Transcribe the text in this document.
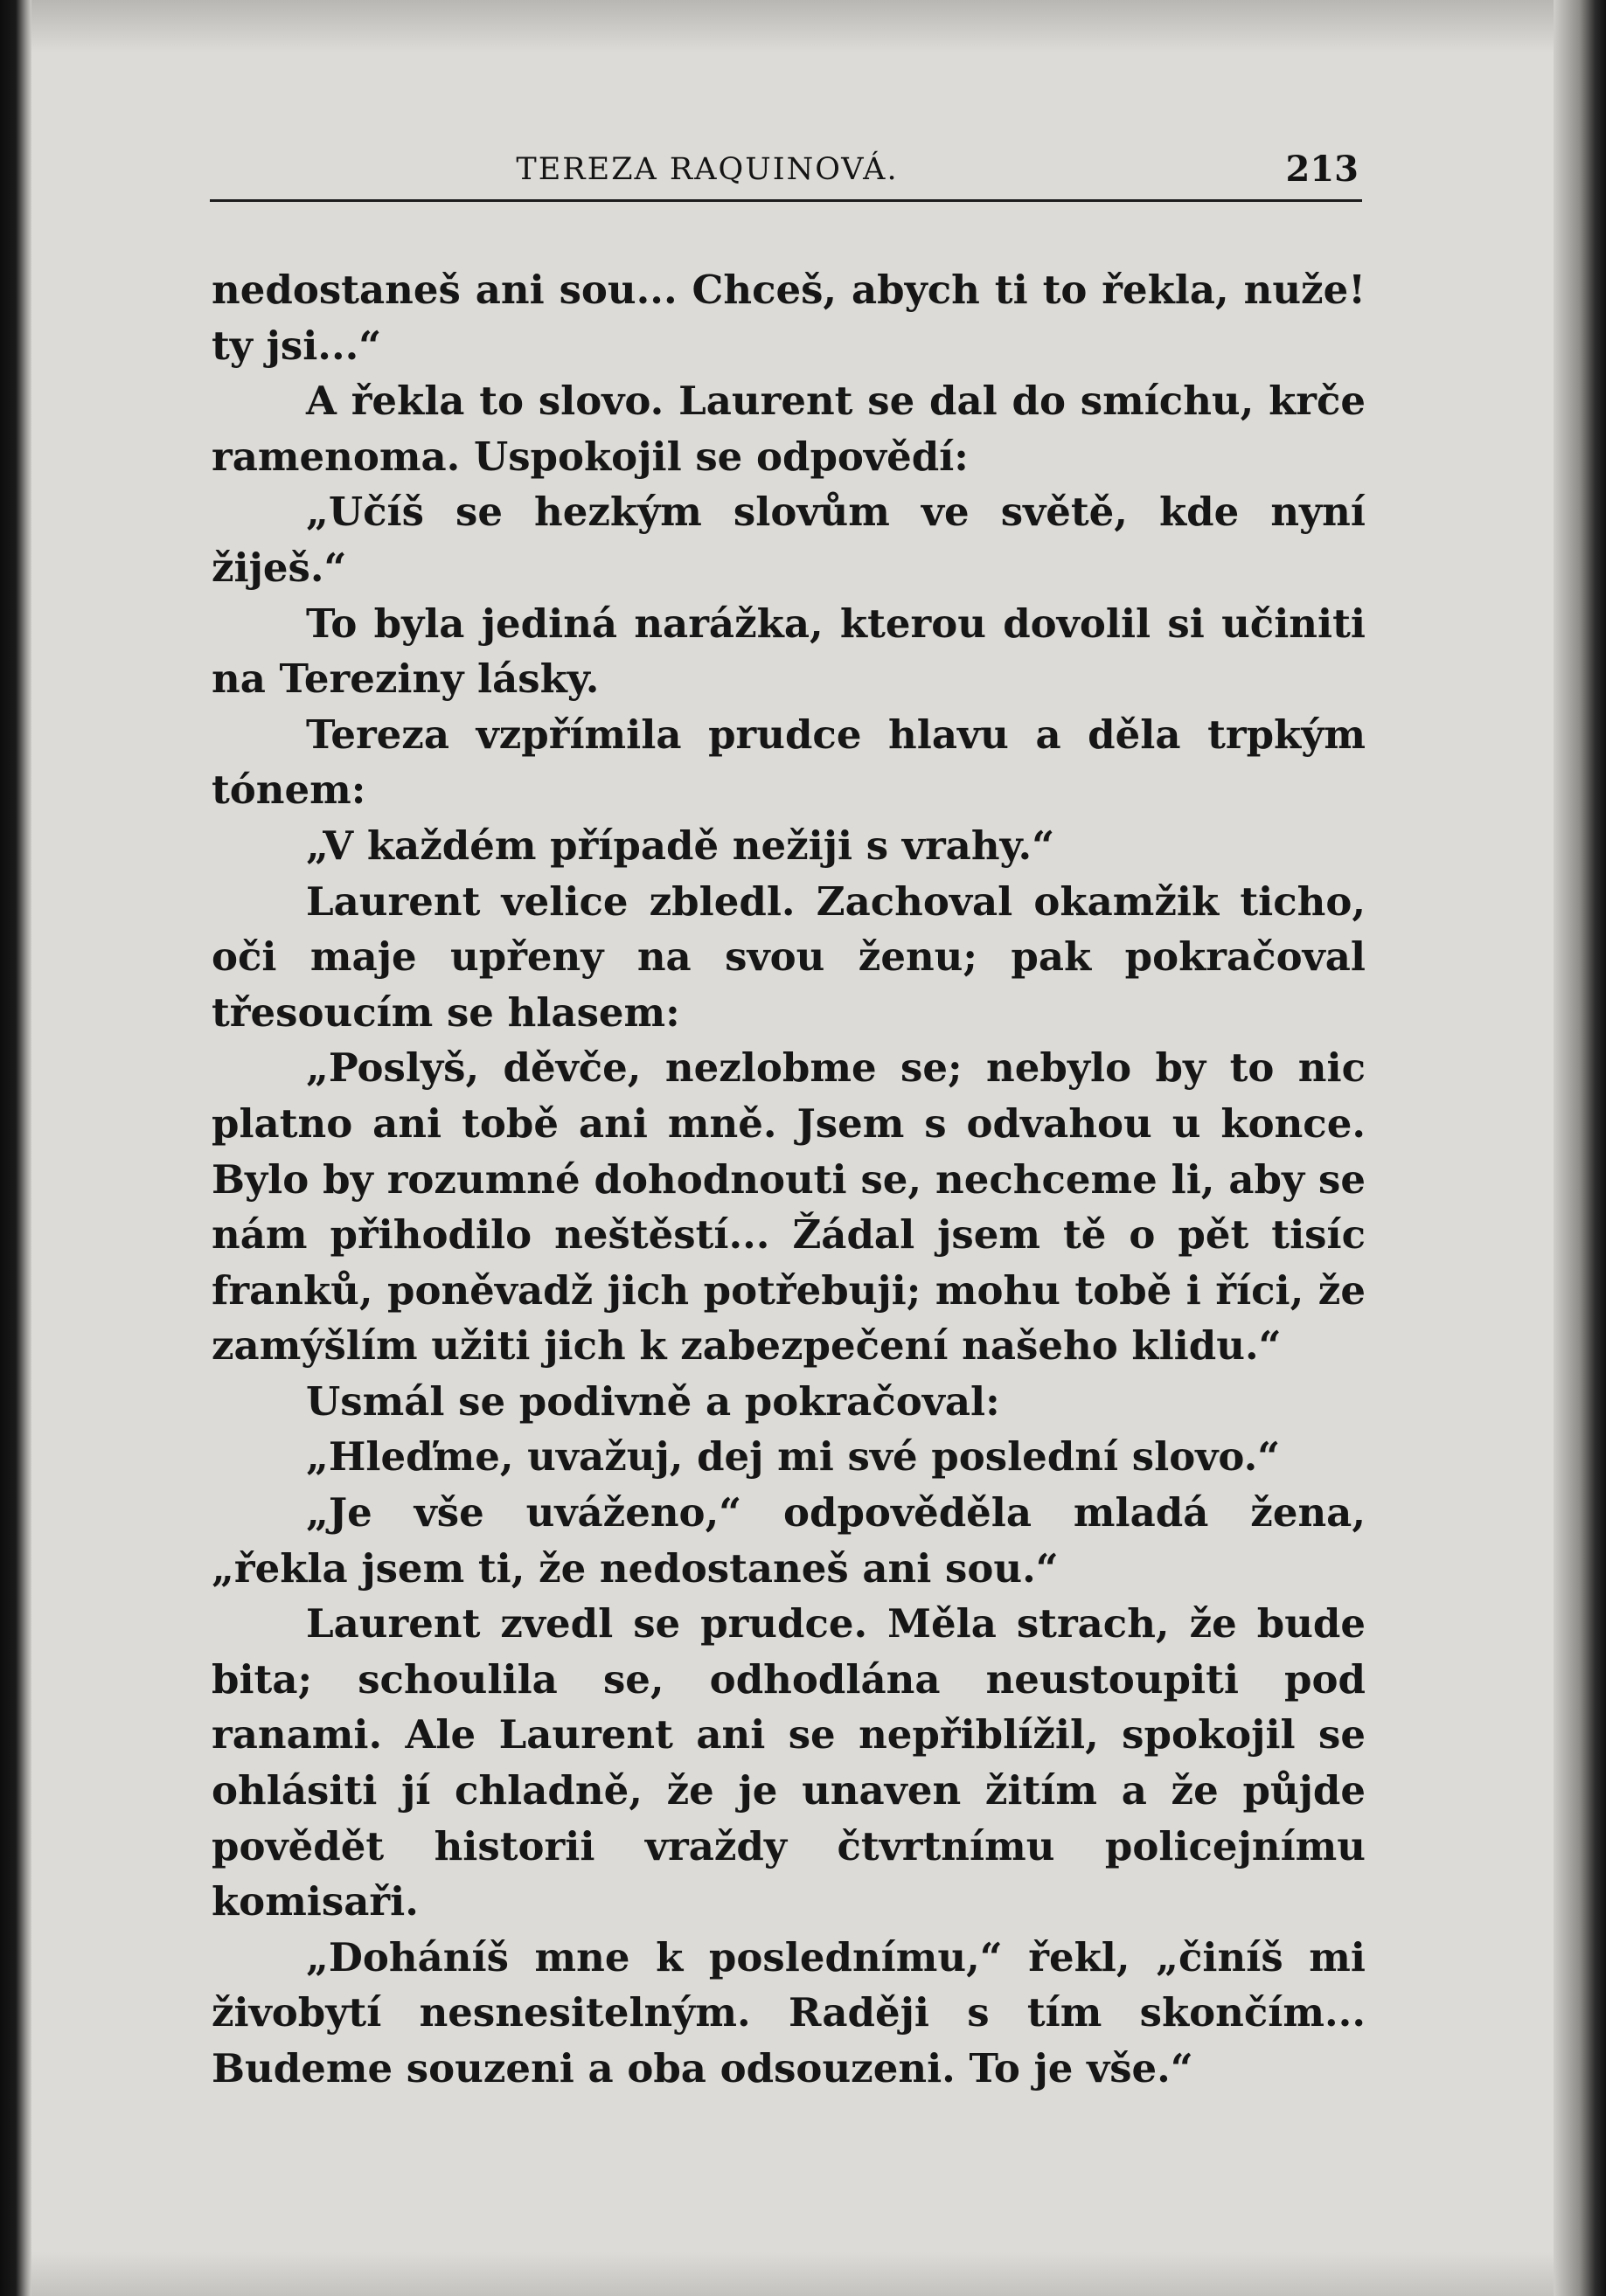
TEREZA RAQUINOVÁ.	213

nedostaneš ani sou... Chceš, abych ti to řekla, nuže! ty jsi...“

A řekla to slovo. Laurent se dal do smíchu, krče ramenoma. Uspokojil se odpovědí:

„Učíš se hezkým slovům ve světě, kde nyní žiješ.“

To byla jediná narážka, kterou dovolil si učiniti na Tereziny lásky.

Tereza vzpřímila prudce hlavu a děla trpkým tónem:

„V každém případě nežiji s vrahy.“

Laurent velice zbledl. Zachoval okamžik ticho, oči maje upřeny na svou ženu; pak pokračoval třesoucím se hlasem:

„Poslyš, děvče, nezlobme se; nebylo by to nic platno ani tobě ani mně. Jsem s odvahou u konce. Bylo by rozumné dohodnouti se, nechceme li, aby se nám přihodilo neštěstí... Žádal jsem tě o pět tisíc franků, poněvadž jich potřebuji; mohu tobě i říci, že zamýšlím užiti jich k zabezpečení našeho klidu.“

Usmál se podivně a pokračoval:

„Hleďme, uvažuj, dej mi své poslední slovo.“

„Je vše uváženo,“ odpověděla mladá žena, „řekla jsem ti, že nedostaneš ani sou.“

Laurent zvedl se prudce. Měla strach, že bude bita; schoulila se, odhodlána neustoupiti pod ranami. Ale Laurent ani se nepřiblížil, spokojil se ohlásiti jí chladně, že je unaven žitím a že půjde povědět historii vraždy čtvrtnímu policejnímu komisaři.

„Doháníš mne k poslednímu,“ řekl, „činíš mi živobytí nesnesitelným. Raději s tím skončím... Budeme souzeni a oba odsouzeni. To je vše.“
